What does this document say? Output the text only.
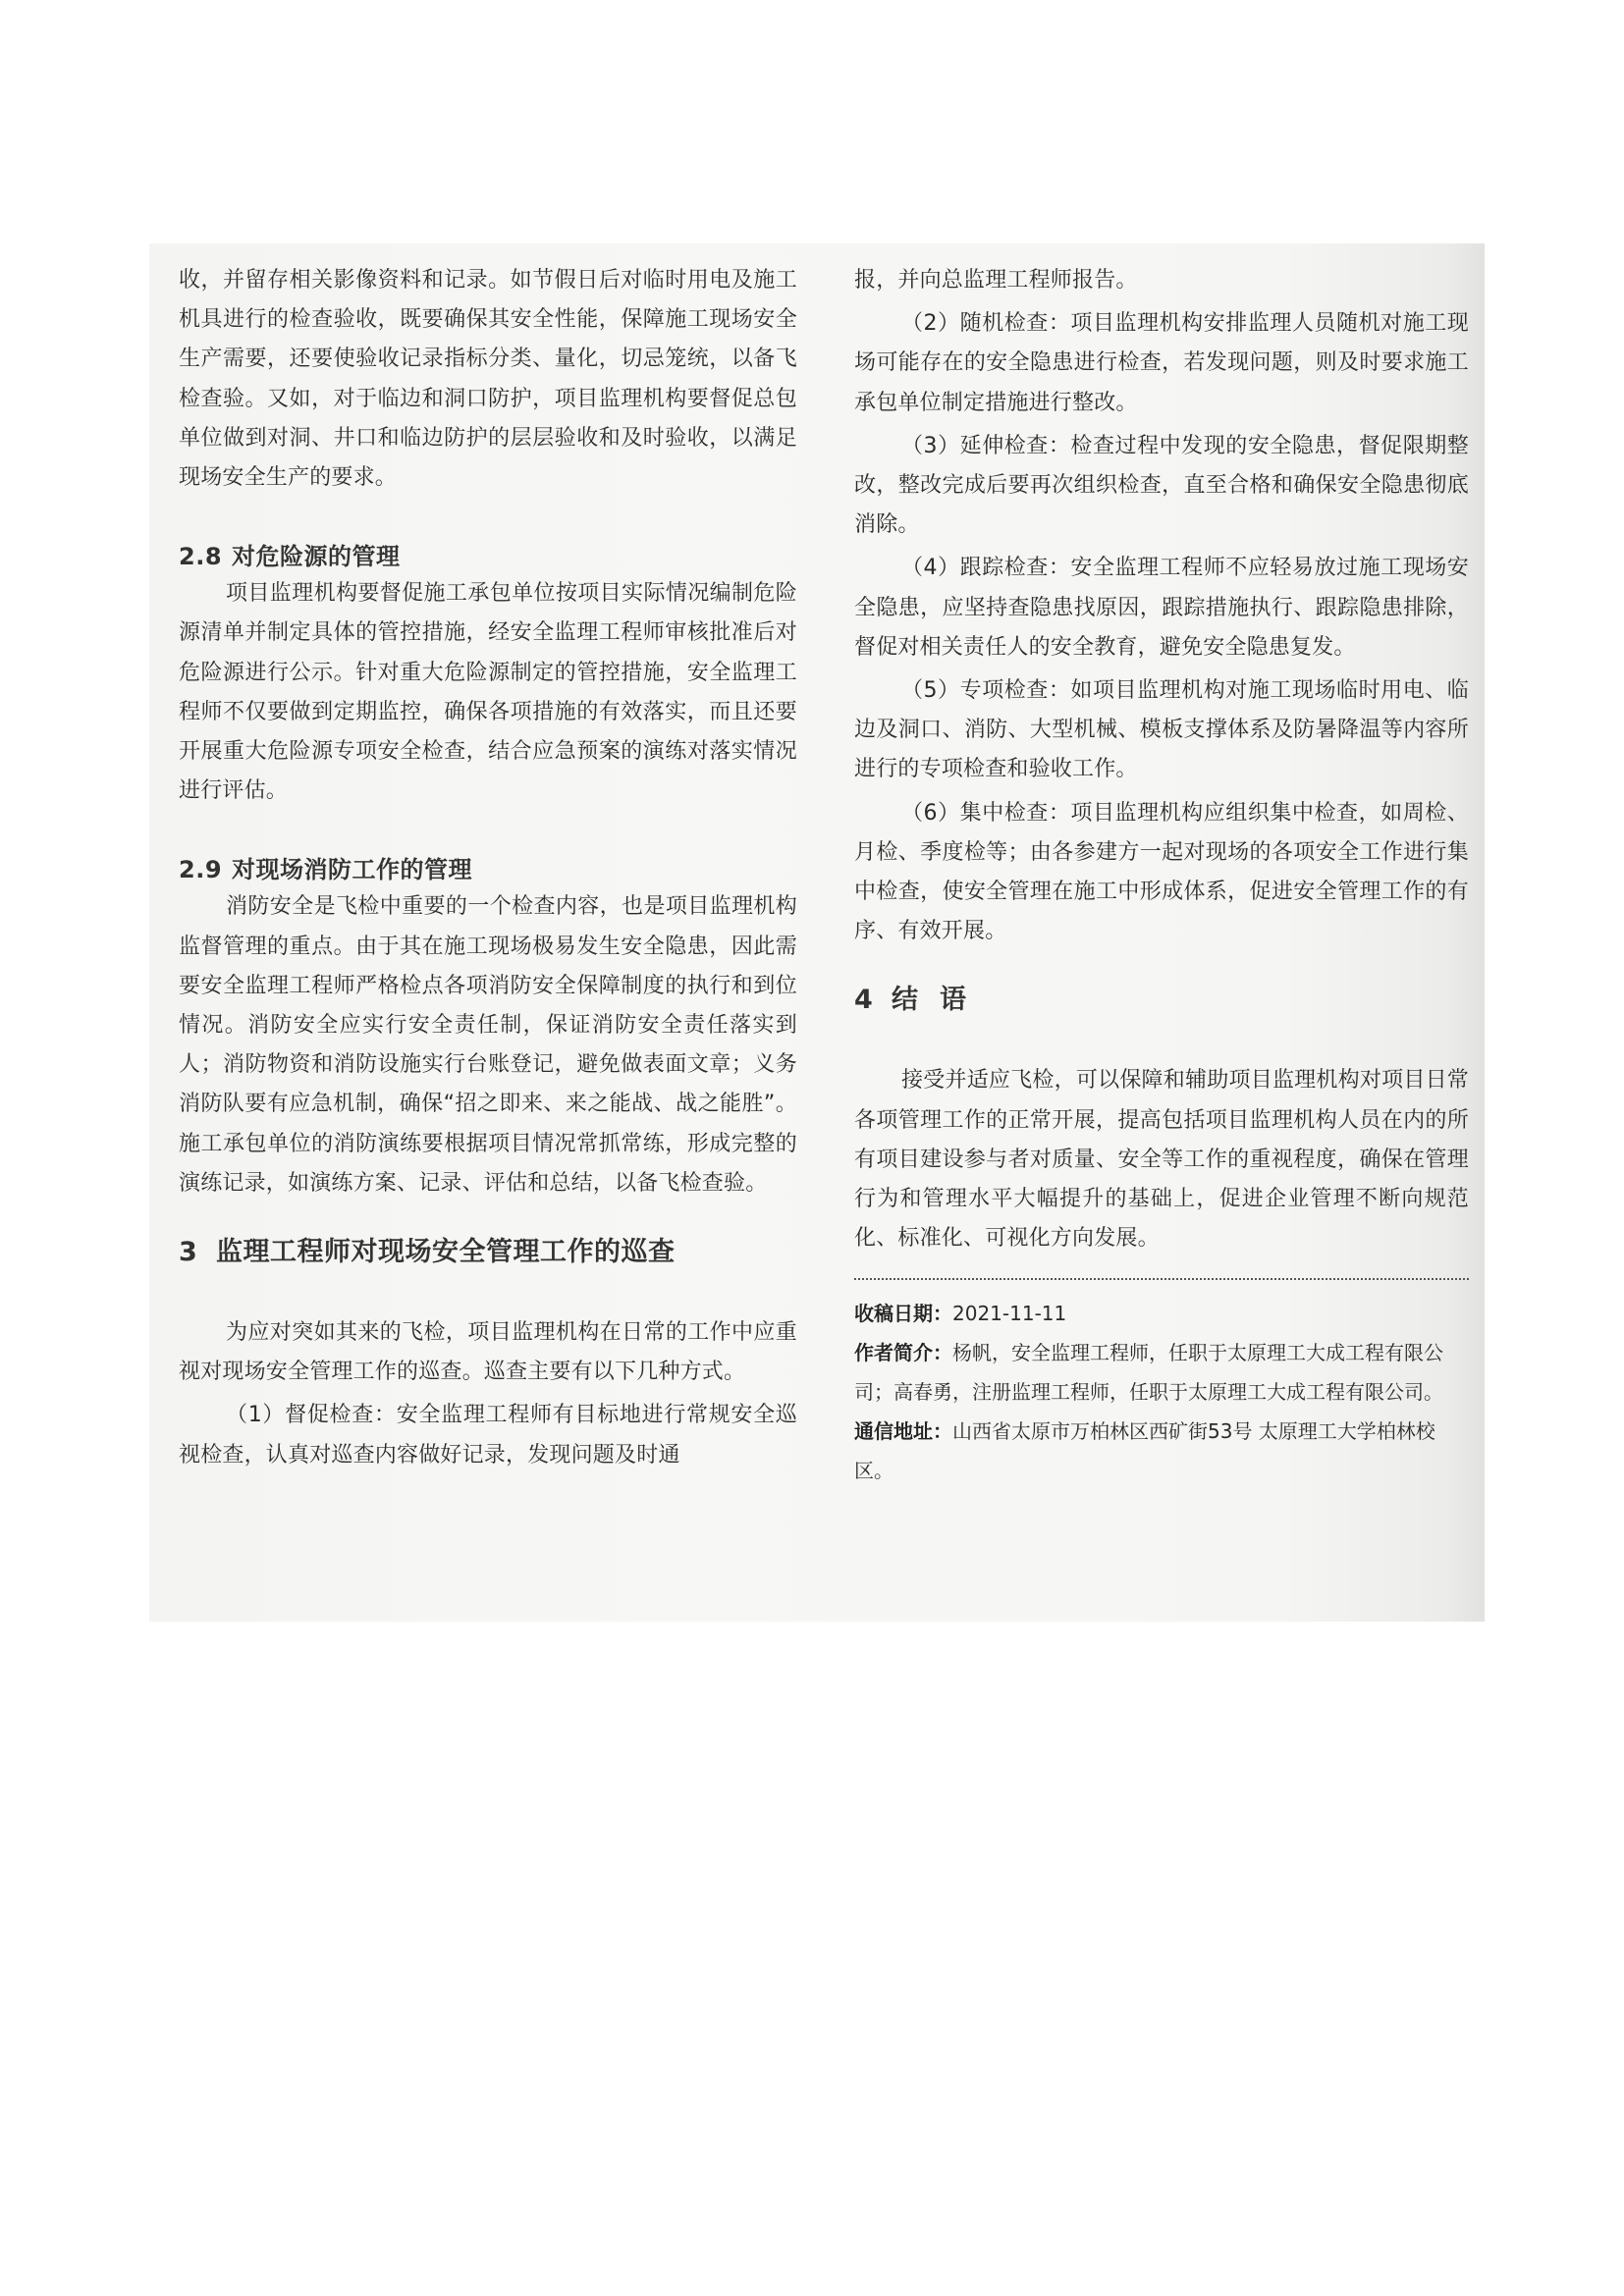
收，并留存相关影像资料和记录。如节假日后对临时用电及施工机具进行的检查验收，既要确保其安全性能，保障施工现场安全生产需要，还要使验收记录指标分类、量化，切忌笼统，以备飞检查验。又如，对于临边和洞口防护，项目监理机构要督促总包单位做到对洞、井口和临边防护的层层验收和及时验收，以满足现场安全生产的要求。

2.8 对危险源的管理

项目监理机构要督促施工承包单位按项目实际情况编制危险源清单并制定具体的管控措施，经安全监理工程师审核批准后对危险源进行公示。针对重大危险源制定的管控措施，安全监理工程师不仅要做到定期监控，确保各项措施的有效落实，而且还要开展重大危险源专项安全检查，结合应急预案的演练对落实情况进行评估。

2.9 对现场消防工作的管理

消防安全是飞检中重要的一个检查内容，也是项目监理机构监督管理的重点。由于其在施工现场极易发生安全隐患，因此需要安全监理工程师严格检点各项消防安全保障制度的执行和到位情况。消防安全应实行安全责任制，保证消防安全责任落实到人；消防物资和消防设施实行台账登记，避免做表面文章；义务消防队要有应急机制，确保“招之即来、来之能战、战之能胜”。施工承包单位的消防演练要根据项目情况常抓常练，形成完整的演练记录，如演练方案、记录、评估和总结，以备飞检查验。

3 监理工程师对现场安全管理工作的巡查

为应对突如其来的飞检，项目监理机构在日常的工作中应重视对现场安全管理工作的巡查。巡查主要有以下几种方式。

（1）督促检查：安全监理工程师有目标地进行常规安全巡视检查，认真对巡查内容做好记录，发现问题及时通

报，并向总监理工程师报告。

（2）随机检查：项目监理机构安排监理人员随机对施工现场可能存在的安全隐患进行检查，若发现问题，则及时要求施工承包单位制定措施进行整改。

（3）延伸检查：检查过程中发现的安全隐患，督促限期整改，整改完成后要再次组织检查，直至合格和确保安全隐患彻底消除。

（4）跟踪检查：安全监理工程师不应轻易放过施工现场安全隐患，应坚持查隐患找原因，跟踪措施执行、跟踪隐患排除，督促对相关责任人的安全教育，避免安全隐患复发。

（5）专项检查：如项目监理机构对施工现场临时用电、临边及洞口、消防、大型机械、模板支撑体系及防暑降温等内容所进行的专项检查和验收工作。

（6）集中检查：项目监理机构应组织集中检查，如周检、月检、季度检等；由各参建方一起对现场的各项安全工作进行集中检查，使安全管理在施工中形成体系，促进安全管理工作的有序、有效开展。

4 结语

接受并适应飞检，可以保障和辅助项目监理机构对项目日常各项管理工作的正常开展，提高包括项目监理机构人员在内的所有项目建设参与者对质量、安全等工作的重视程度，确保在管理行为和管理水平大幅提升的基础上，促进企业管理不断向规范化、标准化、可视化方向发展。

收稿日期：2021-11-11

作者简介：杨帆，安全监理工程师，任职于太原理工大成工程有限公司；高春勇，注册监理工程师，任职于太原理工大成工程有限公司。

通信地址：山西省太原市万柏林区西矿街53号 太原理工大学柏林校区。
